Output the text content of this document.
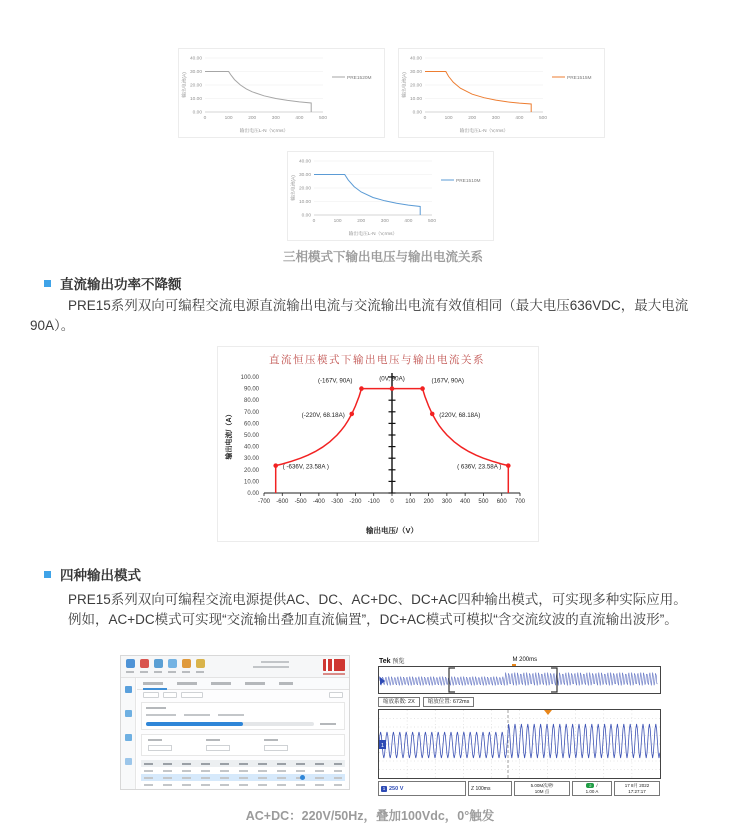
0.00
10.00
20.00
30.00
40.00
0	100	200	300	400	500
PRE1520M
输出电压L-N（V,rms）
输出电流(A)
0.00
10.00
20.00
30.00
40.00
0	100	200	300	400	500
PRE1515M
输出电压L-N（V,rms）
输出电流(A)
0.00
10.00
20.00
30.00
40.00
0	100	200	300	400	500
PRE1510M
输出电压L-N（V,rms）
输出电流(A)
三相模式下输出电压与输出电流关系
直流输出功率不降额
PRE15系列双向可编程交流电源直流输出电流与交流输出电流有效值相同（最大电压636VDC，最大电流
90A）。
直流恒压模式下输出电压与输出电流关系
0.00
10.00
20.00
30.00
40.00
50.00
60.00
70.00
80.00
90.00
100.00
-700 -600 -500 -400 -300 -200 -100 0 100 200 300 400 500 600 700
( -636V, 23.58A )
(-220V, 68.18A)
(-167V, 90A)	(0V, 90A)	(167V, 90A)
(220V, 68.18A)
( 636V, 23.58A )
输出电压/（V）
输出电流/（A）
四种输出模式
PRE15系列双向可编程交流电源提供AC、DC、AC+DC、DC+AC四种输出模式，可实现多种实际应用。
例如，AC+DC模式可实现“交流输出叠加直流偏置”，DC+AC模式可模拟“含交流纹波的直流输出波形”。
Tek 预览	M 200ms
缩放系数: 2X	缩放位置: 672ms
1
1 250 V	Z 100ms	5.00M次/秒
10M 点
2	/
1.00 A
17 8月 2022
17:27:17
AC+DC：220V/50Hz，叠加100Vdc，0°触发
